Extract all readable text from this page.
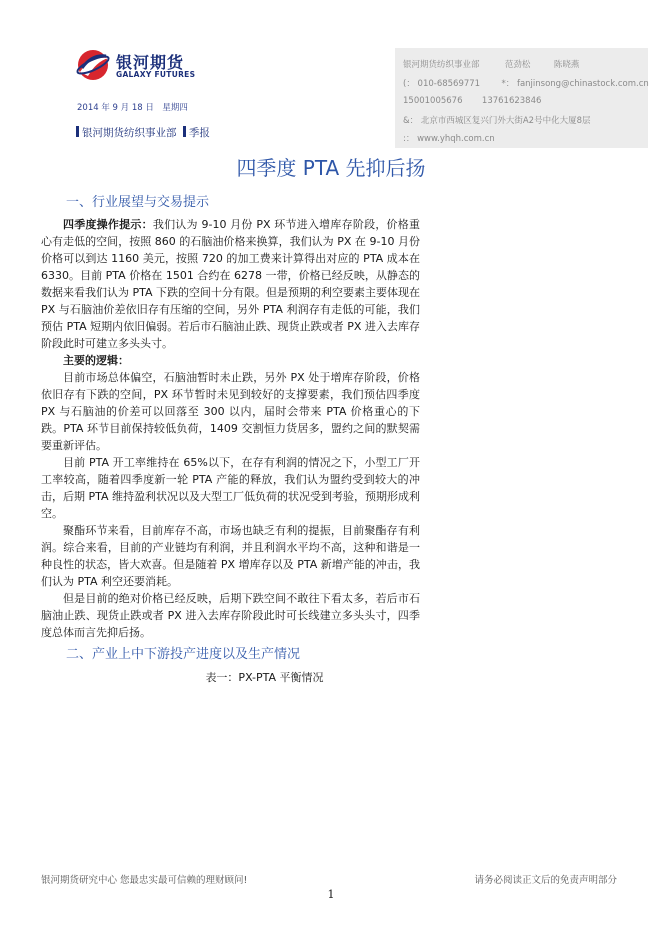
银河期货
GALAXY FUTURES
银河期货纺织事业部	范劲松	陈晓燕
(： 010-68569771	*： fanjinsong@chinastock.com.cn
15001005676 13761623846
&： 北京市西城区复兴门外大街A2号中化大厦8层
:： www.yhqh.com.cn
2014 年 9 月 18 日　星期四
银河期货纺织事业部 季报
四季度 PTA 先抑后扬
一、行业展望与交易提示

四季度操作提示：我们认为 9-10 月份 PX 环节进入增库存阶段，价格重心有走低的空间，按照 860 的石脑油价格来换算，我们认为 PX 在 9-10 月份价格可以到达 1160 美元，按照 720 的加工费来计算得出对应的 PTA 成本在 6330。目前 PTA 价格在 1501 合约在 6278 一带，价格已经反映，从静态的数据来看我们认为 PTA 下跌的空间十分有限。但是预期的利空要素主要体现在 PX 与石脑油价差依旧存有压缩的空间，另外 PTA 利润存有走低的可能，我们预估 PTA 短期内依旧偏弱。若后市石脑油止跌、现货止跌或者 PX 进入去库存阶段此时可建立多头头寸。

主要的逻辑：

目前市场总体偏空，石脑油暂时未止跌，另外 PX 处于增库存阶段，价格依旧存有下跌的空间，PX 环节暂时未见到较好的支撑要素，我们预估四季度 PX 与石脑油的价差可以回落至 300 以内，届时会带来 PTA 价格重心的下跌。PTA 环节目前保持较低负荷，1409 交割恒力货居多，盟约之间的默契需要重新评估。

目前 PTA 开工率维持在 65%以下，在存有利润的情况之下，小型工厂开工率较高，随着四季度新一轮 PTA 产能的释放，我们认为盟约受到较大的冲击，后期 PTA 维持盈利状况以及大型工厂低负荷的状况受到考验，预期形成利空。

聚酯环节来看，目前库存不高，市场也缺乏有利的提振，目前聚酯存有利润。综合来看，目前的产业链均有利润，并且利润水平均不高，这种和谐是一种良性的状态，皆大欢喜。但是随着 PX 增库存以及 PTA 新增产能的冲击，我们认为 PTA 利空还要消耗。

但是目前的绝对价格已经反映，后期下跌空间不敢往下看太多，若后市石脑油止跌、现货止跌或者 PX 进入去库存阶段此时可长线建立多头头寸，四季度总体而言先抑后扬。

二、产业上中下游投产进度以及生产情况
表一：PX-PTA 平衡情况
银河期货研究中心 您最忠实最可信赖的理财顾问!	请务必阅读正文后的免责声明部分
1
